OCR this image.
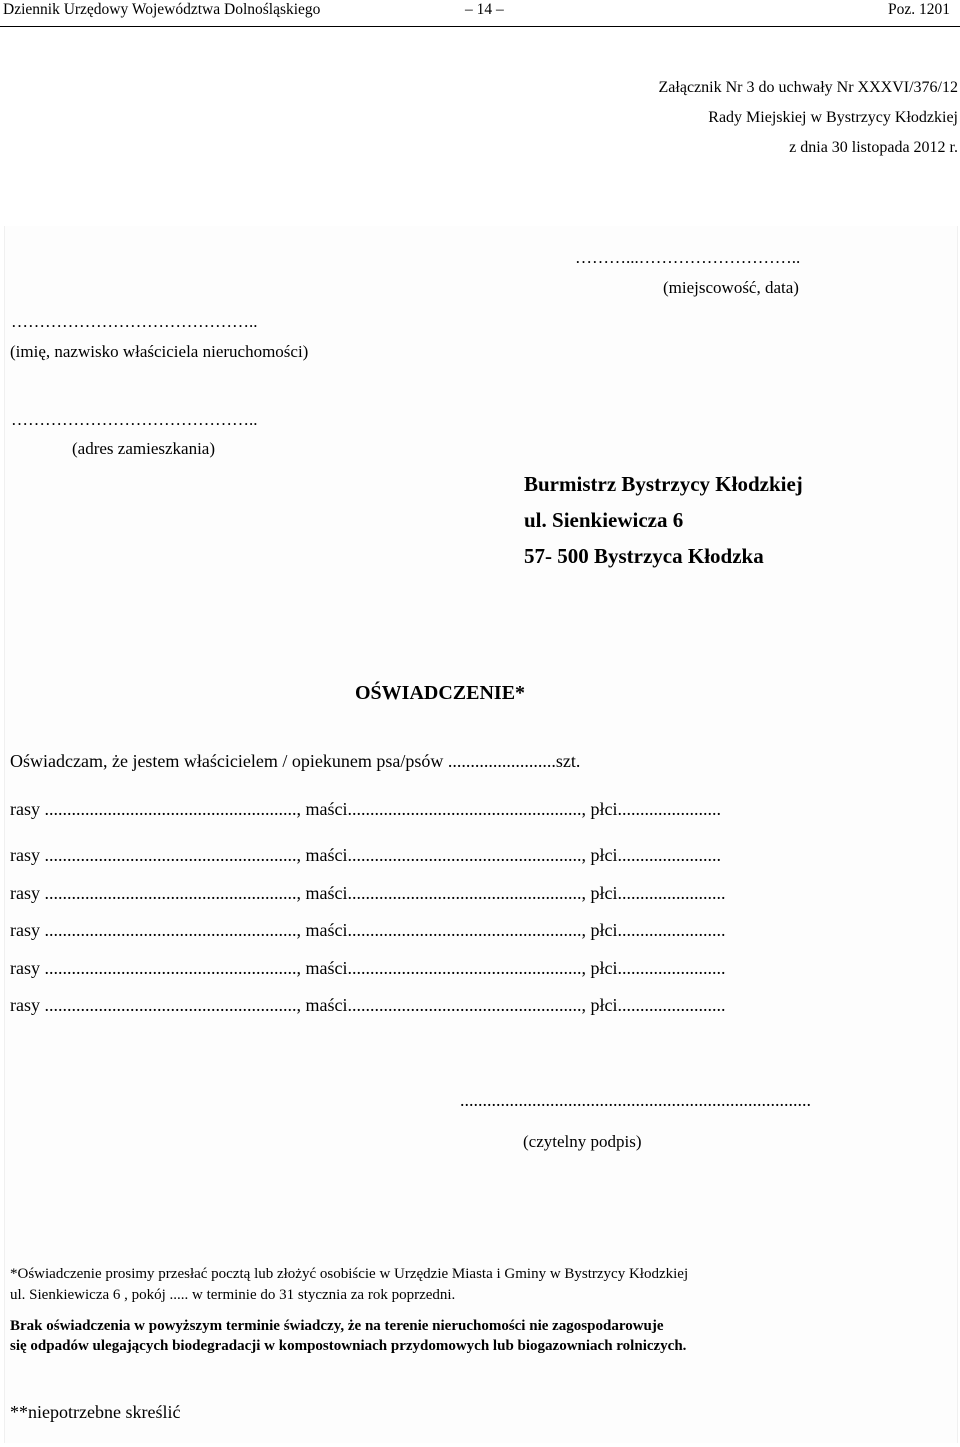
Dziennik Urzędowy Województwa Dolnośląskiego	– 14 –	Poz. 1201
Załącznik Nr 3 do uchwały Nr XXXVI/376/12
Rady Miejskiej w Bystrzycy Kłodzkiej
z dnia 30 listopada 2012 r.
………...………………………..
(miejscowość, data)
……………………………………..
(imię, nazwisko właściciela nieruchomości)
……………………………………..
(adres zamieszkania)
Burmistrz Bystrzycy Kłodzkiej
ul. Sienkiewicza 6
57- 500 Bystrzyca Kłodzka
OŚWIADCZENIE*
Oświadczam, że jestem właścicielem / opiekunem psa/psów ........................szt.
rasy ........................................................, maści...................................................., płci.......................
rasy ........................................................, maści...................................................., płci.......................
rasy ........................................................, maści...................................................., płci........................
rasy ........................................................, maści...................................................., płci........................
rasy ........................................................, maści...................................................., płci........................
rasy ........................................................, maści...................................................., płci........................
..............................................................................
(czytelny podpis)
*Oświadczenie prosimy przesłać pocztą lub złożyć osobiście w Urzędzie Miasta i Gminy w Bystrzycy Kłodzkiej
ul. Sienkiewicza 6 , pokój ..... w terminie do 31 stycznia za rok poprzedni.
Brak oświadczenia w powyższym terminie świadczy, że na terenie nieruchomości nie zagospodarowuje
się odpadów ulegających biodegradacji w kompostowniach przydomowych lub biogazowniach rolniczych.
**niepotrzebne skreślić
